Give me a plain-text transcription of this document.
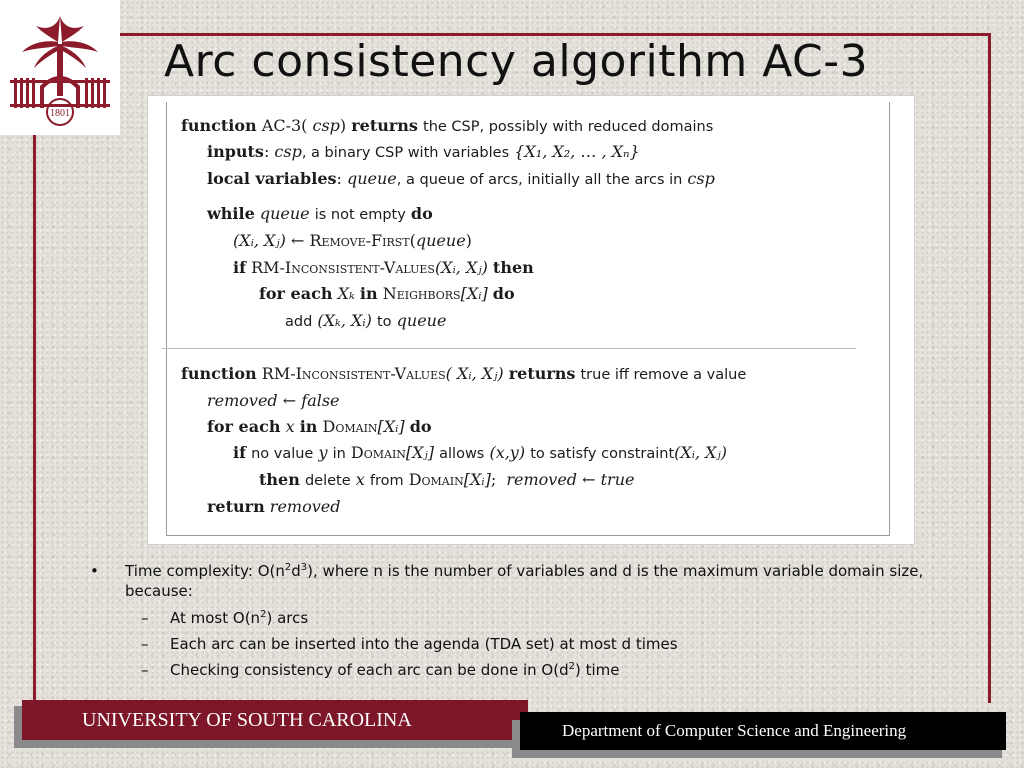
1801
Arc consistency algorithm AC-3
function AC-3( csp) returns the CSP, possibly with reduced domains
inputs: csp, a binary CSP with variables {X₁, X₂, … , Xₙ}
local variables: queue, a queue of arcs, initially all the arcs in csp
while queue is not empty do
(Xᵢ, Xⱼ) ← Remove-First(queue)
if RM-Inconsistent-Values(Xᵢ, Xⱼ) then
for each Xₖ in Neighbors[Xᵢ] do
add (Xₖ, Xᵢ) to queue
function RM-Inconsistent-Values( Xᵢ, Xⱼ) returns true iff remove a value
removed ← false
for each x in Domain[Xᵢ] do
if no value y in Domain[Xⱼ] allows (x,y) to satisfy constraint(Xᵢ, Xⱼ)
then delete x from Domain[Xᵢ];  removed ← true
return removed
• Time complexity: $O(n^2d^3)$, where n is the number of variables and d is the maximum variable domain size, because:
– At most $O(n^2)$ arcs
– Each arc can be inserted into the agenda (TDA set) at most d times
– Checking consistency of each arc can be done in $O(d^2)$ time
UNIVERSITY OF SOUTH CAROLINA	Department of Computer Science and Engineering
